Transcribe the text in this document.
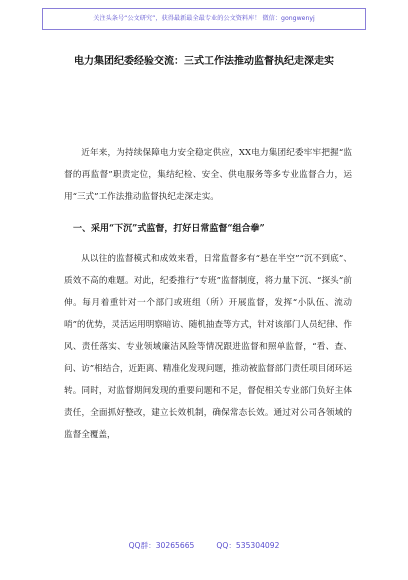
关注头条号“公文研究”，获得最新最全最专业的公文资料库！ 微信：gongwenyj
电力集团纪委经验交流：三式工作法推动监督执纪走深走实

近年来，为持续保障电力安全稳定供应，XX电力集团纪委牢牢把握“监督的再监督”职责定位，集结纪检、安全、供电服务等多专业监督合力，运用“三式”工作法推动监督执纪走深走实。

一、采用“下沉”式监督，打好日常监督“组合拳”

从以往的监督模式和成效来看，日常监督多有“悬在半空”“沉不到底”、质效不高的难题。对此，纪委推行“专班”监督制度，将力量下沉、“探头”前伸。每月着重针对一个部门或班组（所）开展监督，发挥“小队伍、流动哨”的优势，灵活运用明察暗访、随机抽查等方式，针对该部门人员纪律、作风、责任落实、专业领域廉洁风险等情况跟进监督和照单监督，“看、查、问、访”相结合，近距离、精准化发现问题，推动被监督部门责任项目闭环运转。同时，对监督期间发现的重要问题和不足，督促相关专业部门负好主体责任，全面抓好整改，建立长效机制，确保常态长效。通过对公司各领域的监督全覆盖，

QQ群：30265665	QQ：535304092
